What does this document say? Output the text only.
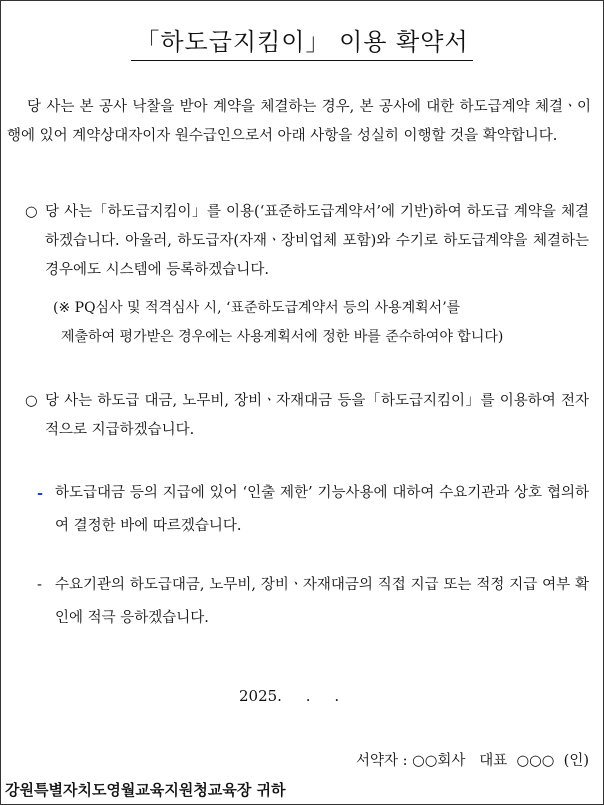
「하도급지킴이」 이용 확약서
당 사는 본 공사 낙찰을 받아 계약을 체결하는 경우, 본 공사에 대한 하도급계약 체결ㆍ이행에 있어 계약상대자이자 원수급인으로서 아래 사항을 성실히 이행할 것을 확약합니다.
○ 당 사는「하도급지킴이」를 이용(‘표준하도급계약서’에 기반)하여 하도급 계약을 체결하겠습니다. 아울러, 하도급자(자재ㆍ장비업체 포함)와 수기로 하도급계약을 체결하는 경우에도 시스템에 등록하겠습니다.
(※ PQ심사 및 적격심사 시, ‘표준하도급계약서 등의 사용계획서’를
제출하여 평가받은 경우에는 사용계획서에 정한 바를 준수하여야 합니다)
○ 당 사는 하도급 대금, 노무비, 장비ㆍ자재대금 등을「하도급지킴이」를 이용하여 전자적으로 지급하겠습니다.
- 하도급대금 등의 지급에 있어 ‘인출 제한’ 기능사용에 대하여 수요기관과 상호 협의하여 결정한 바에 따르겠습니다.
- 수요기관의 하도급대금, 노무비, 장비ㆍ자재대금의 직접 지급 또는 적정 지급 여부 확인에 적극 응하겠습니다.
2025.     .     .
서약자 : ○○회사   대표  ○○○  (인)
강원특별자치도영월교육지원청교육장 귀하
